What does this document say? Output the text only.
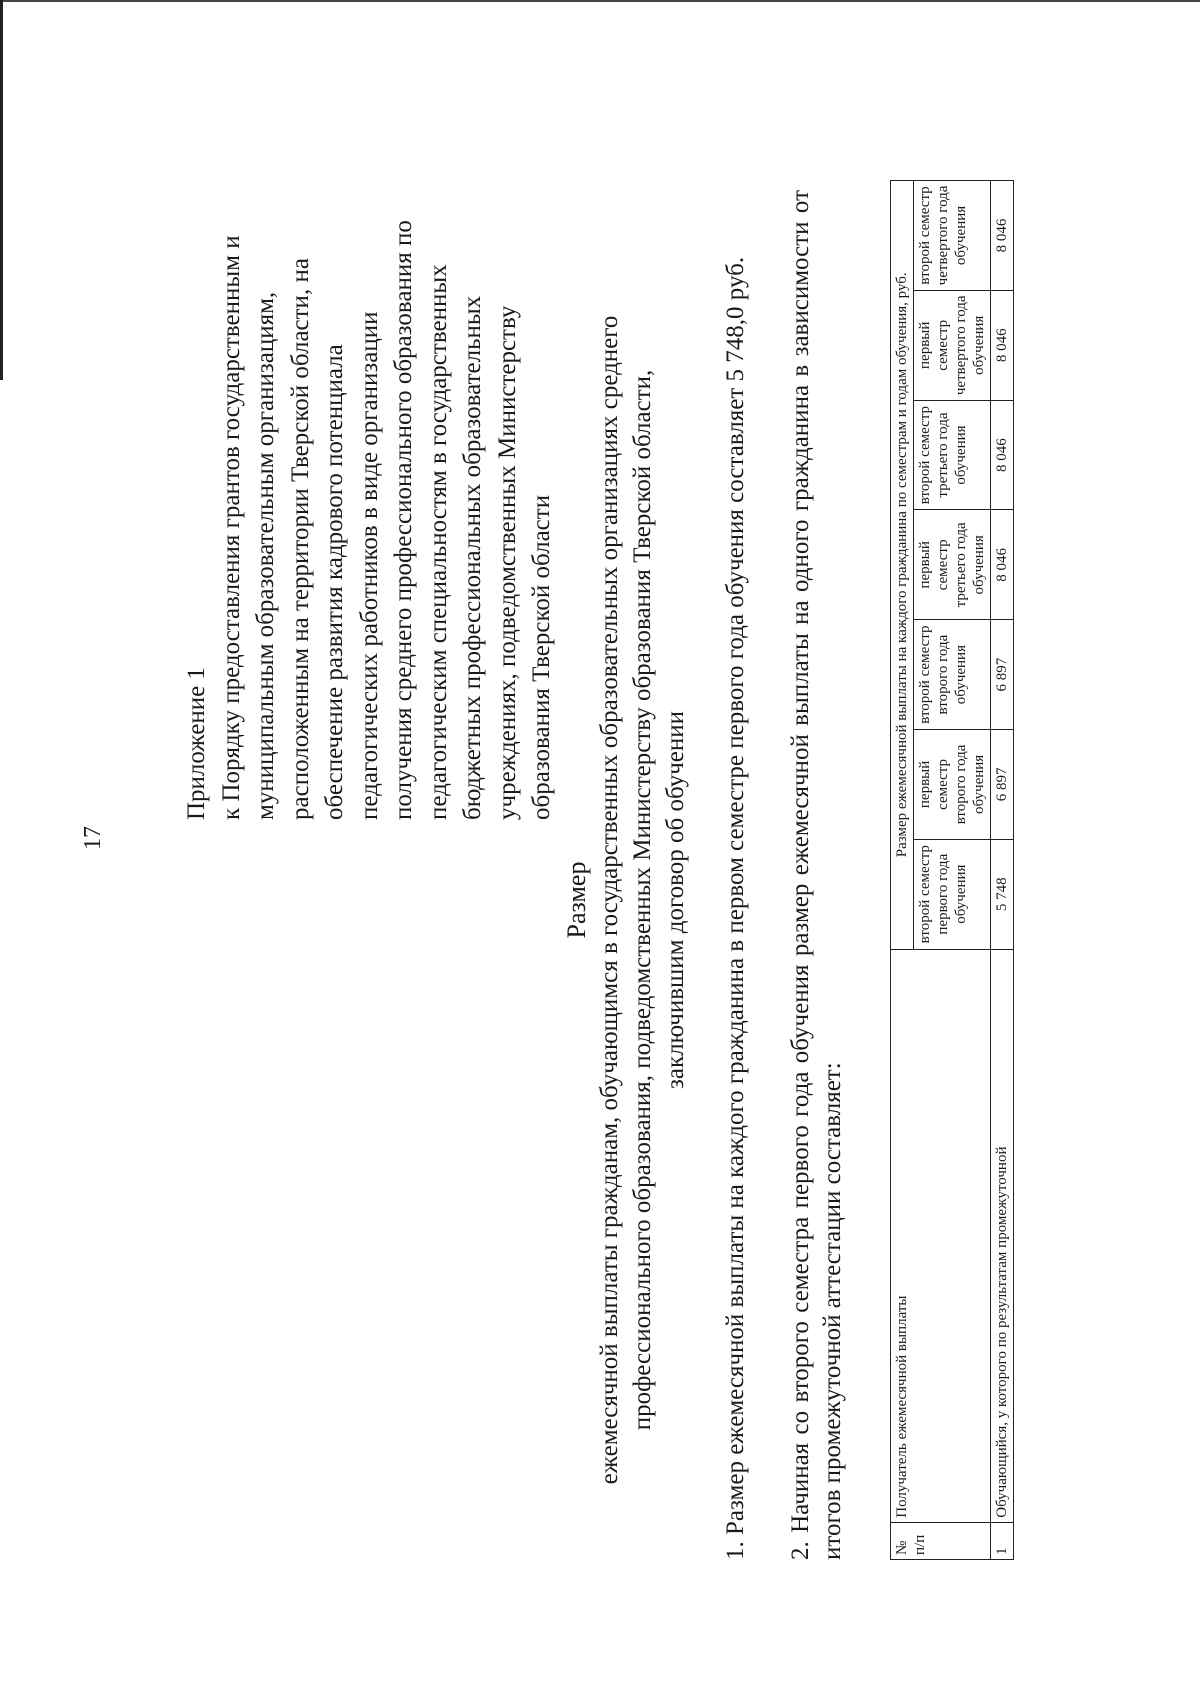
17
Приложение 1 к Порядку предоставления грантов государственным и муниципальным образовательным организациям, расположенным на территории Тверской области, на обеспечение развития кадрового потенциала педагогических работников в виде организации получения среднего профессионального образования по педагогическим специальностям в государственных бюджетных профессиональных образовательных учреждениях, подведомственных Министерству образования Тверской области
Размер ежемесячной выплаты гражданам, обучающимся в государственных образовательных организациях среднего профессионального образования, подведомственных Министерству образования Тверской области, заключившим договор об обучении 1. Размер ежемесячной выплаты на каждого гражданина в первом семестре первого года обучения составляет 5 748,0 руб. 2. Начиная со второго семестра первого года обучения размер ежемесячной выплаты на одного гражданина в зависимости от итогов промежуточной аттестации составляет:	№ п/п	Получатель ежемесячной выплаты	Размер ежемесячной выплаты на каждого гражданина по семестрам и годам обучения, руб.						
		второй семестр первого года обучения	первый семестр второго года обучения	второй семестр второго года обучения	первый семестр третьего года обучения	второй семестр третьего года обучения	первый семестр четвертого года обучения	второй семестр четвертого года обучения
1	Обучающийся, у которого по результатам промежуточной	5 748	6 897	6 897	8 046	8 046	8 046	8 046
